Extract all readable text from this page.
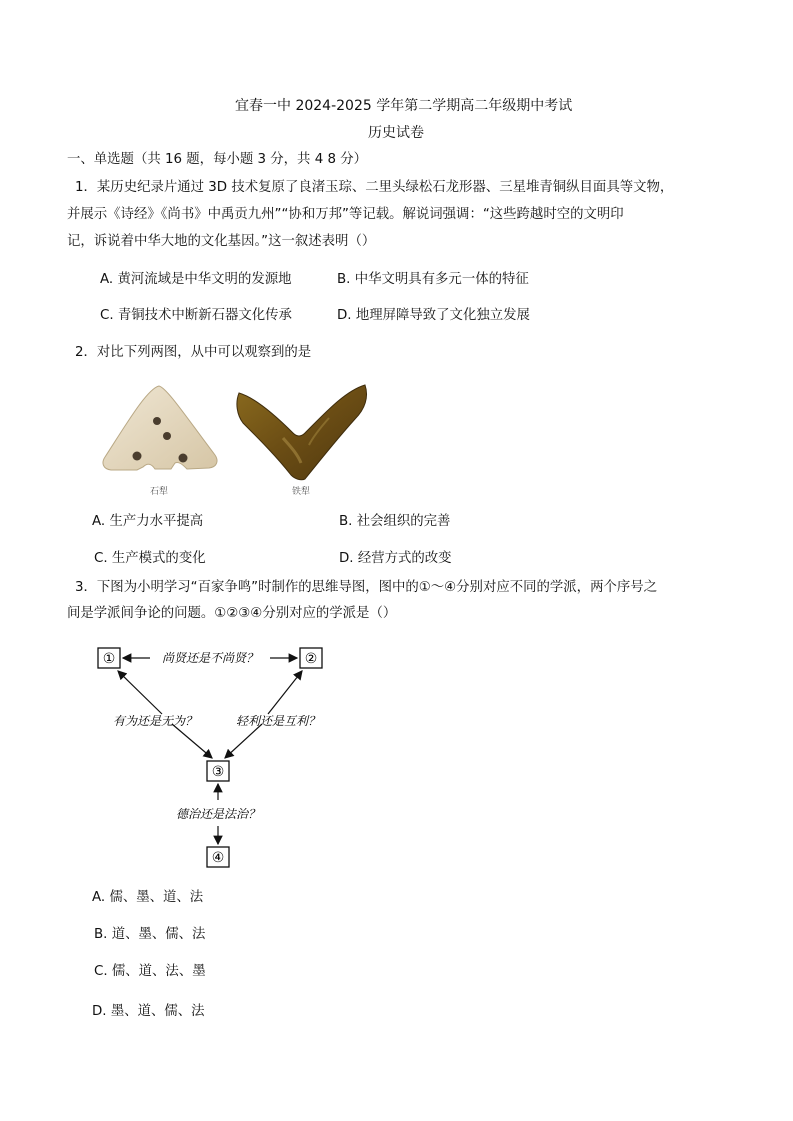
宜春一中 2024-2025 学年第二学期高二年级期中考试
历史试卷
一、单选题（共 16 题，每小题 3 分，共 4 8 分）
1．某历史纪录片通过 3D 技术复原了良渚玉琮、二里头绿松石龙形器、三星堆青铜纵目面具等文物，
并展示《诗经》《尚书》中禹贡九州”“协和万邦”等记载。解说词强调：“这些跨越时空的文明印
记，诉说着中华大地的文化基因。”这一叙述表明（）
A. 黄河流域是中华文明的发源地	B. 中华文明具有多元一体的特征
C. 青铜技术中断新石器文化传承	D. 地理屏障导致了文化独立发展
2．对比下列两图，从中可以观察到的是
石犁	铁犁
A. 生产力水平提高	B. 社会组织的完善
C. 生产模式的变化	D. 经营方式的改变
3．下图为小明学习“百家争鸣”时制作的思维导图，图中的①～④分别对应不同的学派，两个序号之
间是学派间争论的问题。①②③④分别对应的学派是（）
①	②
③
④
尚贤还是不尚贤？
有为还是无为？	轻利还是互利？
德治还是法治？
A. 儒、墨、道、法
B. 道、墨、儒、法
C. 儒、道、法、墨
D. 墨、道、儒、法
